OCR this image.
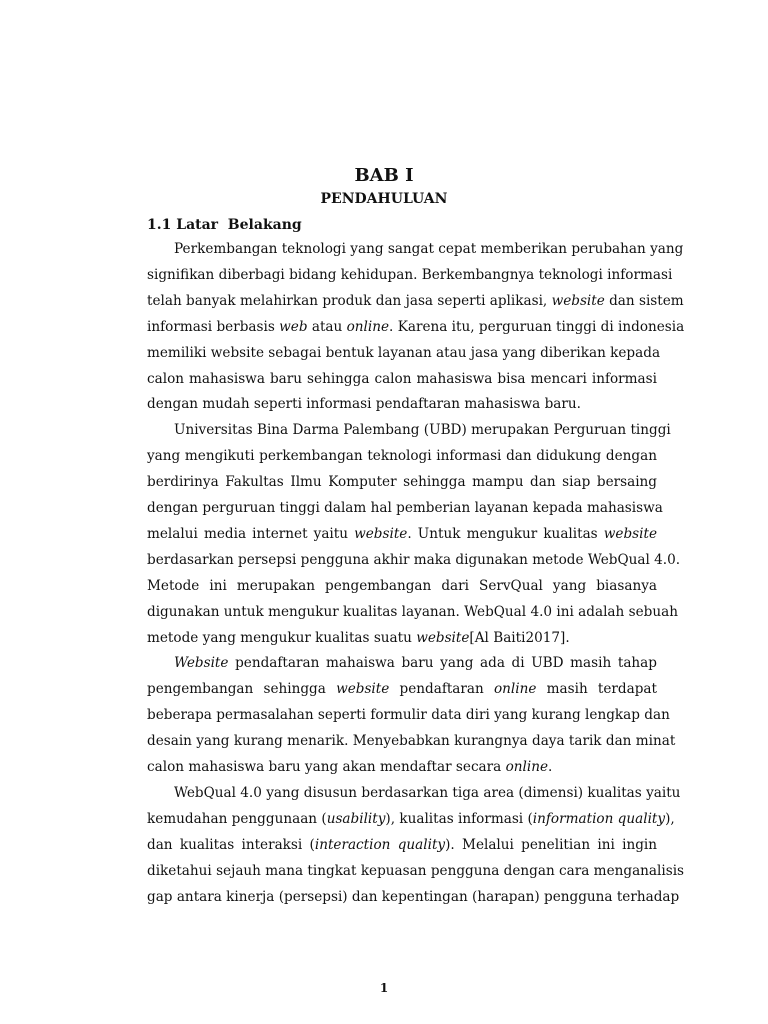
BAB I
PENDAHULUAN
1.1 Latar  Belakang
Perkembangan teknologi yang sangat cepat memberikan perubahan yang
signifikan diberbagi bidang kehidupan. Berkembangnya teknologi informasi
telah banyak melahirkan produk dan jasa seperti aplikasi, website dan sistem
informasi berbasis web atau online. Karena itu, perguruan tinggi di indonesia
memiliki website sebagai bentuk layanan atau jasa yang diberikan kepada
calon mahasiswa baru sehingga calon mahasiswa bisa mencari informasi
dengan mudah seperti informasi pendaftaran mahasiswa baru.
Universitas Bina Darma Palembang (UBD) merupakan Perguruan tinggi
yang mengikuti perkembangan teknologi informasi dan didukung dengan
berdirinya Fakultas Ilmu Komputer sehingga mampu dan siap bersaing
dengan perguruan tinggi dalam hal pemberian layanan kepada mahasiswa
melalui media internet yaitu website. Untuk mengukur kualitas website
berdasarkan persepsi pengguna akhir maka digunakan metode WebQual 4.0.
Metode ini merupakan pengembangan dari ServQual yang biasanya
digunakan untuk mengukur kualitas layanan. WebQual 4.0 ini adalah sebuah
metode yang mengukur kualitas suatu website[Al Baiti2017].
Website pendaftaran mahaiswa baru yang ada di UBD masih tahap
pengembangan sehingga website pendaftaran online masih terdapat
beberapa permasalahan seperti formulir data diri yang kurang lengkap dan
desain yang kurang menarik. Menyebabkan kurangnya daya tarik dan minat
calon mahasiswa baru yang akan mendaftar secara online.
WebQual 4.0 yang disusun berdasarkan tiga area (dimensi) kualitas yaitu
kemudahan penggunaan (usability), kualitas informasi (information quality),
dan kualitas interaksi (interaction quality). Melalui penelitian ini ingin
diketahui sejauh mana tingkat kepuasan pengguna dengan cara menganalisis
gap antara kinerja (persepsi) dan kepentingan (harapan) pengguna terhadap
1
